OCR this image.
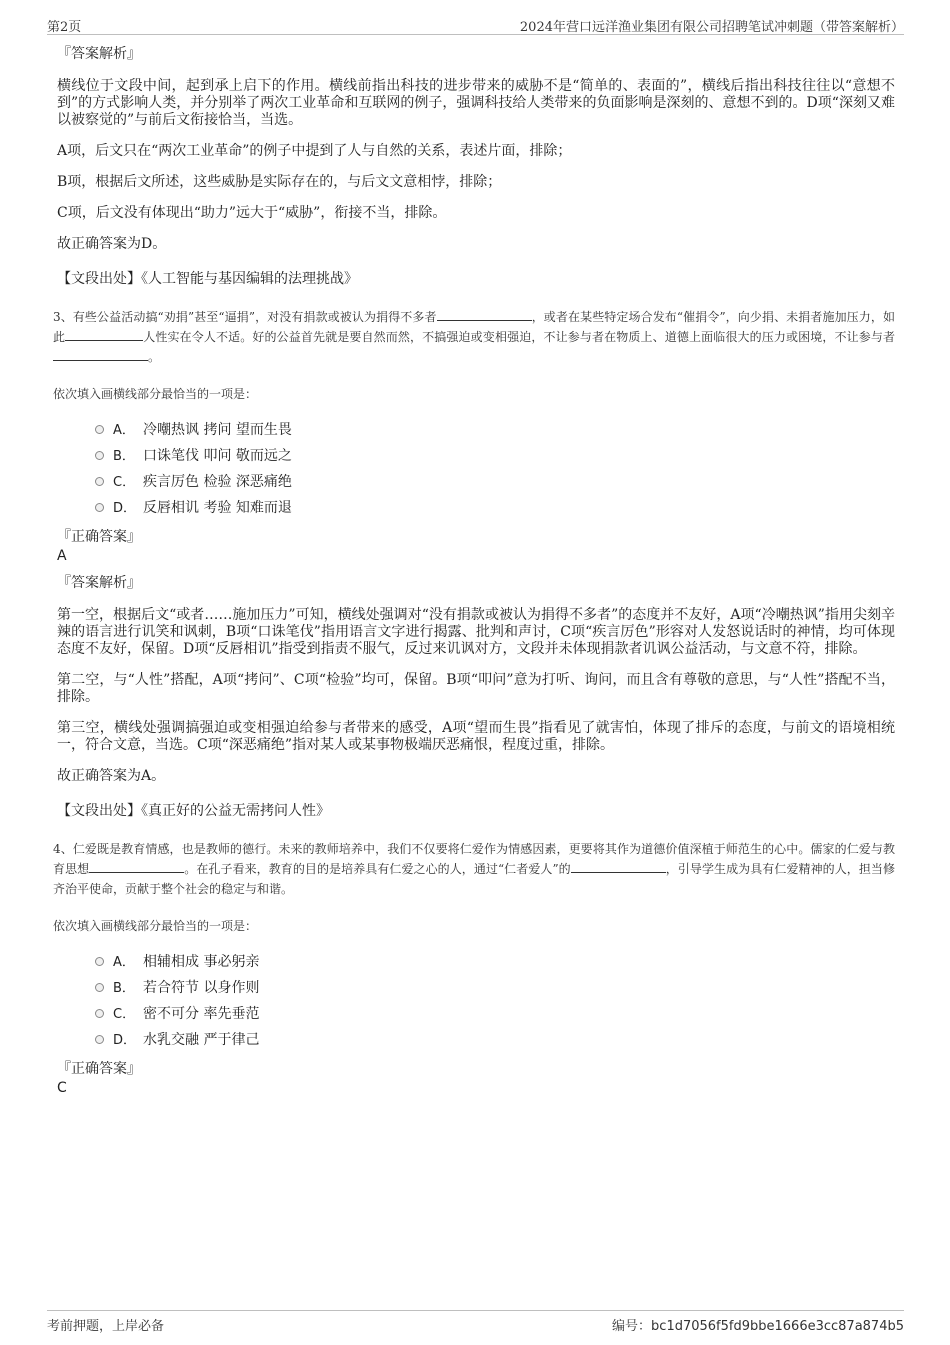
第2页	2024年营口远洋渔业集团有限公司招聘笔试冲刺题（带答案解析）
『答案解析』

横线位于文段中间，起到承上启下的作用。横线前指出科技的进步带来的威胁不是“简单的、表面的”，横线后指出科技往往以“意想不到”的方式影响人类，并分别举了两次工业革命和互联网的例子，强调科技给人类带来的负面影响是深刻的、意想不到的。D项“深刻又难以被察觉的”与前后文衔接恰当，当选。

A项，后文只在“两次工业革命”的例子中提到了人与自然的关系，表述片面，排除；

B项，根据后文所述，这些威胁是实际存在的，与后文文意相悖，排除；

C项，后文没有体现出“助力”远大于“威胁”，衔接不当，排除。

故正确答案为D。

【文段出处】《人工智能与基因编辑的法理挑战》
3、有些公益活动搞“劝捐”甚至“逼捐”，对没有捐款或被认为捐得不多者	，或者在某些特定场合发布“催捐令”，向少捐、未捐者施加压力，如此	人性实在令人不适。好的公益首先就是要自然而然，不搞强迫或变相强迫，不让参与者在物质上、道德上面临很大的压力或困境，不让参与者。
依次填入画横线部分最恰当的一项是：
A． 冷嘲热讽 拷问 望而生畏
B． 口诛笔伐 叩问 敬而远之
C． 疾言厉色 检验 深恶痛绝
D． 反唇相讥 考验 知难而退
『正确答案』
A
『答案解析』

第一空，根据后文“或者……施加压力”可知，横线处强调对“没有捐款或被认为捐得不多者”的态度并不友好，A项“冷嘲热讽”指用尖刻辛辣的语言进行讥笑和讽刺，B项“口诛笔伐”指用语言文字进行揭露、批判和声讨，C项“疾言厉色”形容对人发怒说话时的神情，均可体现态度不友好，保留。D项“反唇相讥”指受到指责不服气，反过来讥讽对方，文段并未体现捐款者讥讽公益活动，与文意不符，排除。

第二空，与“人性”搭配，A项“拷问”、C项“检验”均可，保留。B项“叩问”意为打听、询问，而且含有尊敬的意思，与“人性”搭配不当，排除。

第三空，横线处强调搞强迫或变相强迫给参与者带来的感受，A项“望而生畏”指看见了就害怕，体现了排斥的态度，与前文的语境相统一，符合文意，当选。C项“深恶痛绝”指对某人或某事物极端厌恶痛恨，程度过重，排除。

故正确答案为A。

【文段出处】《真正好的公益无需拷问人性》
4、仁爱既是教育情感，也是教师的德行。未来的教师培养中，我们不仅要将仁爱作为情感因素，更要将其作为道德价值深植于师范生的心中。儒家的仁爱与教育思想	。在孔子看来，教育的目的是培养具有仁爱之心的人，通过“仁者爱人”的	，引导学生成为具有仁爱精神的人，担当修齐治平使命，贡献于整个社会的稳定与和谐。
依次填入画横线部分最恰当的一项是：
A． 相辅相成 事必躬亲
B． 若合符节 以身作则
C． 密不可分 率先垂范
D． 水乳交融 严于律己
『正确答案』
C
考前押题，上岸必备	编号：bc1d7056f5fd9bbe1666e3cc87a874b5
